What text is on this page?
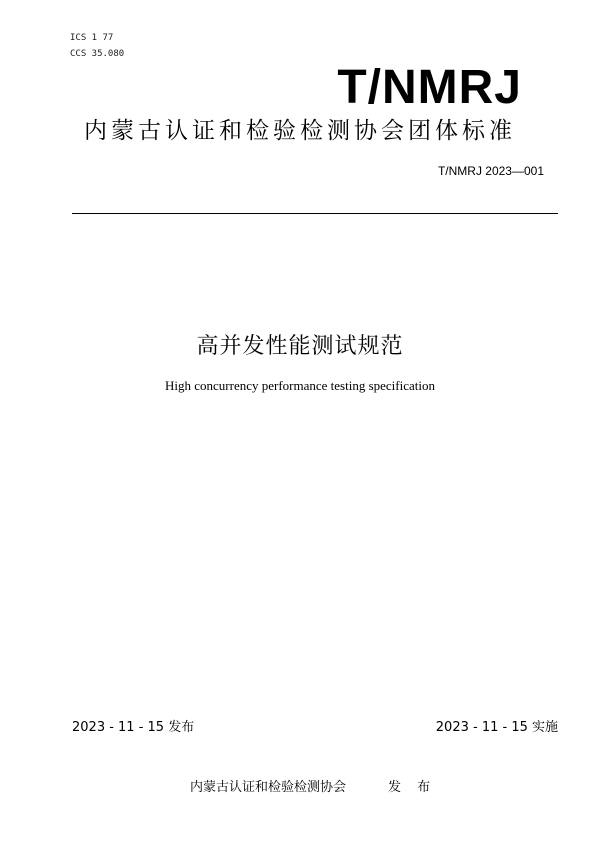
ICS 1 77
CCS 35.080
T/NMRJ
内蒙古认证和检验检测协会团体标准
T/NMRJ 2023—001
高并发性能测试规范
High concurrency performance testing specification
2023 - 11 - 15 发布	2023 - 11 - 15 实施
内蒙古认证和检验检测协会	发 布
